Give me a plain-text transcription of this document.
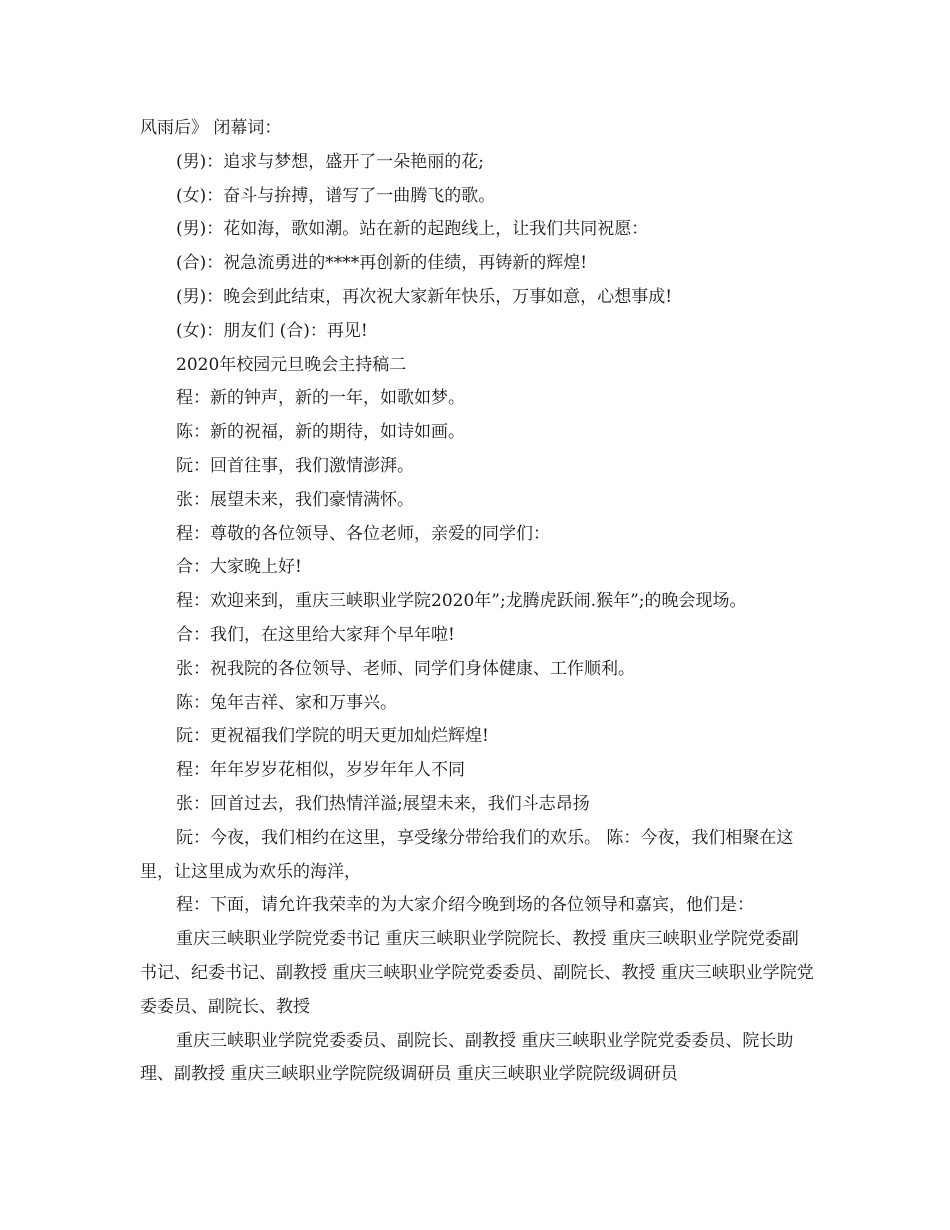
风雨后》 闭幕词：

(男)：追求与梦想，盛开了一朵艳丽的花;

(女)：奋斗与拚搏，谱写了一曲腾飞的歌。

(男)：花如海，歌如潮。站在新的起跑线上，让我们共同祝愿：

(合)：祝急流勇进的****再创新的佳绩，再铸新的辉煌!

(男)：晚会到此结束，再次祝大家新年快乐，万事如意，心想事成!

(女)：朋友们 (合)：再见!

2020年校园元旦晚会主持稿二

程：新的钟声，新的一年，如歌如梦。

陈：新的祝福，新的期待，如诗如画。

阮：回首往事，我们激情澎湃。

张：展望未来，我们豪情满怀。

程：尊敬的各位领导、各位老师，亲爱的同学们：

合：大家晚上好!

程：欢迎来到，重庆三峡职业学院2020年”;龙腾虎跃闹.猴年”;的晚会现场。

合：我们，在这里给大家拜个早年啦!

张：祝我院的各位领导、老师、同学们身体健康、工作顺利。

陈：兔年吉祥、家和万事兴。

阮：更祝福我们学院的明天更加灿烂辉煌!

程：年年岁岁花相似，岁岁年年人不同

张：回首过去，我们热情洋溢;展望未来，我们斗志昂扬

阮：今夜，我们相约在这里，享受缘分带给我们的欢乐。 陈：今夜，我们相聚在这里，让这里成为欢乐的海洋，

程：下面，请允许我荣幸的为大家介绍今晚到场的各位领导和嘉宾，他们是：

重庆三峡职业学院党委书记 重庆三峡职业学院院长、教授 重庆三峡职业学院党委副书记、纪委书记、副教授 重庆三峡职业学院党委委员、副院长、教授 重庆三峡职业学院党委委员、副院长、教授

重庆三峡职业学院党委委员、副院长、副教授 重庆三峡职业学院党委委员、院长助理、副教授 重庆三峡职业学院院级调研员 重庆三峡职业学院院级调研员
